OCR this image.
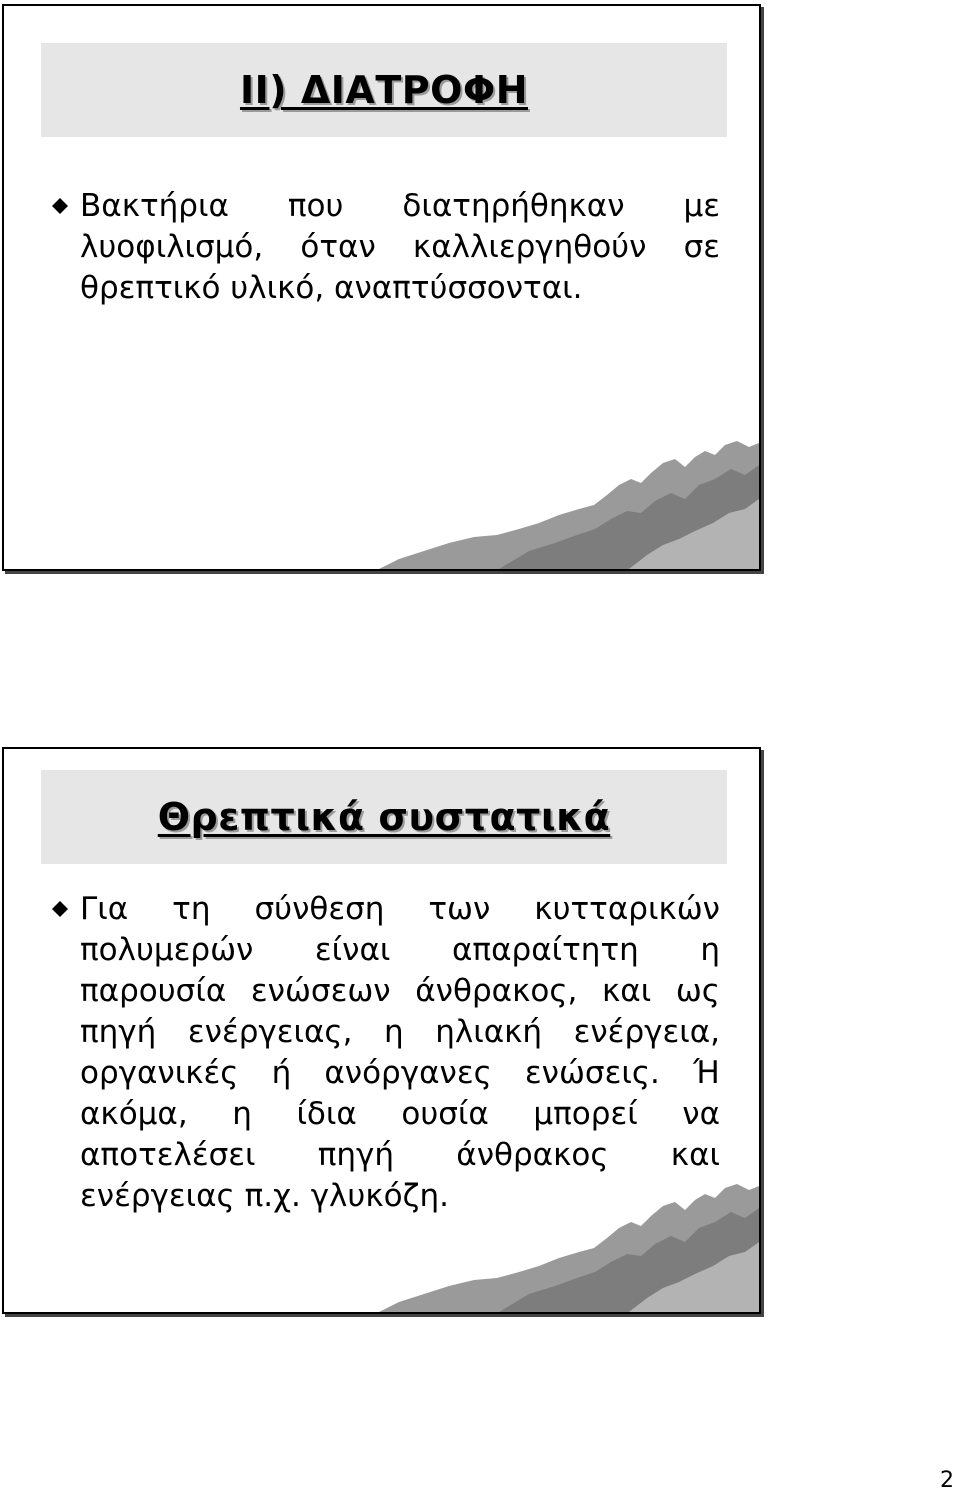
II) ΔΙΑΤΡΟΦΗ
Βακτήρια που διατηρήθηκαν με λυοφιλισμό, όταν καλλιεργηθούν σε θρεπτικό υλικό, αναπτύσσονται.
Θρεπτικά συστατικά
Για τη σύνθεση των κυτταρικών πολυμερών είναι απαραίτητη η παρουσία ενώσεων άνθρακος, και ως πηγή ενέργειας, η ηλιακή ενέργεια, οργανικές ή ανόργανες ενώσεις. Ή ακόμα, η ίδια ουσία μπορεί να αποτελέσει πηγή άνθρακος και ενέργειας π.χ. γλυκόζη.
2
